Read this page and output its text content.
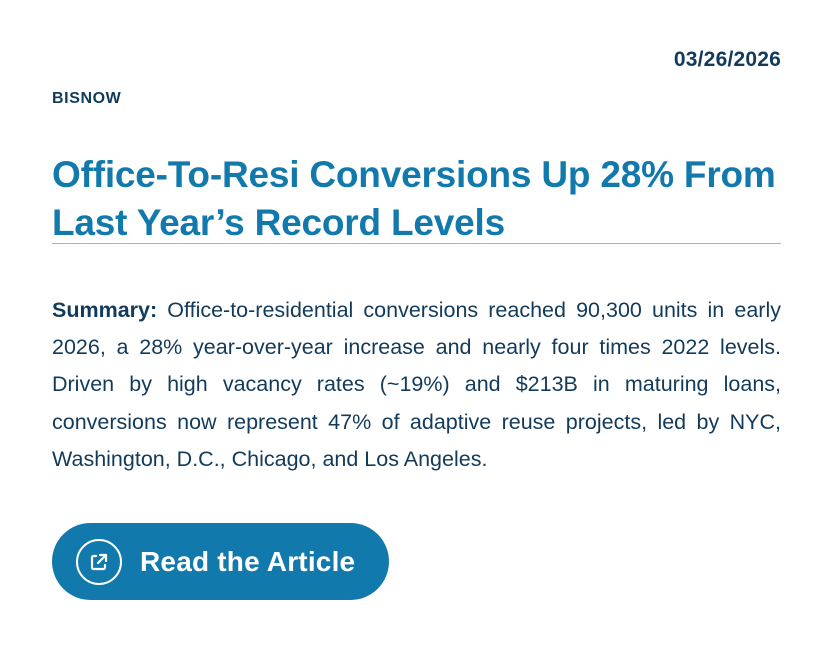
03/26/2026
BISNOW
Office-To-Resi Conversions Up 28% From Last Year’s Record Levels

Summary: Office-to-residential conversions reached 90,300 units in early 2026, a 28% year-over-year increase and nearly four times 2022 levels. Driven by high vacancy rates (~19%) and $213B in maturing loans, conversions now represent 47% of adaptive reuse projects, led by NYC, Washington, D.C., Chicago, and Los Angeles.

Read the Article
